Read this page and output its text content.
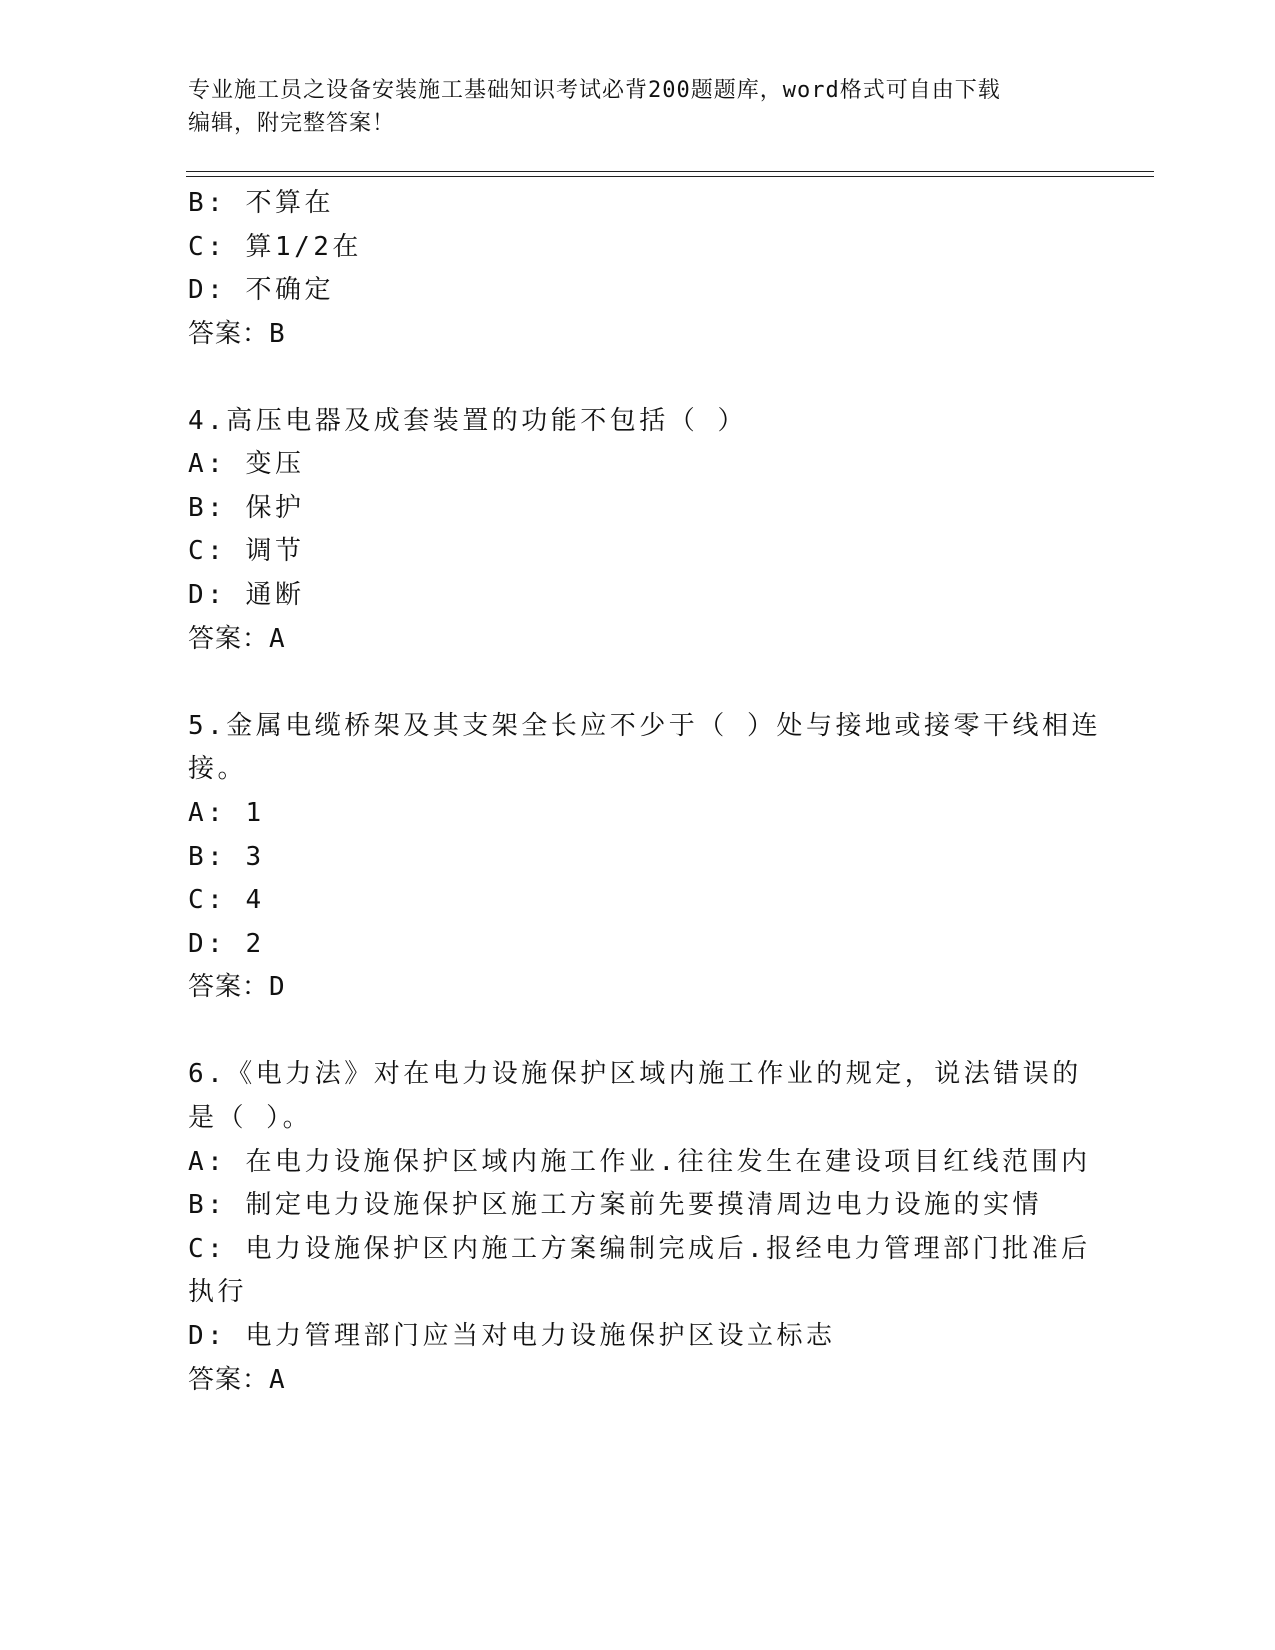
专业施工员之设备安装施工基础知识考试必背200题题库，word格式可自由下载
编辑，附完整答案！
B: 不算在
C: 算1/2在
D: 不确定
答案：B
4.高压电器及成套装置的功能不包括（ ）
A: 变压
B: 保护
C: 调节
D: 通断
答案：A
5.金属电缆桥架及其支架全长应不少于（ ）处与接地或接零干线相连
接。
A: 1
B: 3
C: 4
D: 2
答案：D
6.《电力法》对在电力设施保护区域内施工作业的规定，说法错误的
是（ ）。
A: 在电力设施保护区域内施工作业.往往发生在建设项目红线范围内
B: 制定电力设施保护区施工方案前先要摸清周边电力设施的实情
C: 电力设施保护区内施工方案编制完成后.报经电力管理部门批准后
执行
D: 电力管理部门应当对电力设施保护区设立标志
答案：A
